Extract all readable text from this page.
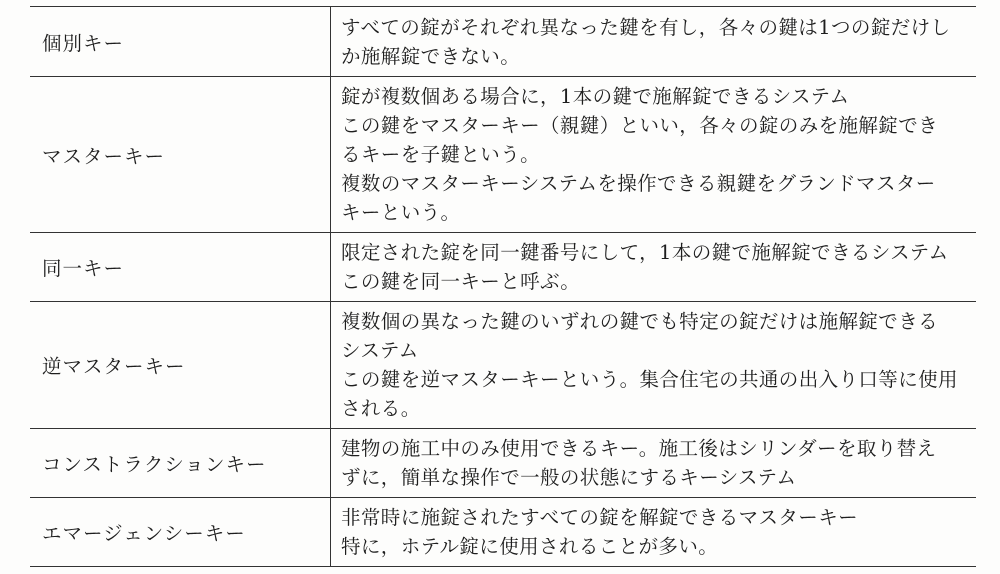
個別キー	すべての錠がそれぞれ異なった鍵を有し，各々の鍵は1つの錠だけし
か施解錠できない。

マスターキー	錠が複数個ある場合に，1本の鍵で施解錠できるシステム
この鍵をマスターキー（親鍵）といい，各々の錠のみを施解錠でき
るキーを子鍵という。
複数のマスターキーシステムを操作できる親鍵をグランドマスター
キーという。

同一キー	限定された錠を同一鍵番号にして，1本の鍵で施解錠できるシステム
この鍵を同一キーと呼ぶ。

逆マスターキー	複数個の異なった鍵のいずれの鍵でも特定の錠だけは施解錠できる
システム
この鍵を逆マスターキーという。集合住宅の共通の出入り口等に使用
される。

コンストラクションキー	建物の施工中のみ使用できるキー。施工後はシリンダーを取り替え
ずに，簡単な操作で一般の状態にするキーシステム

エマージェンシーキー	非常時に施錠されたすべての錠を解錠できるマスターキー
特に，ホテル錠に使用されることが多い。
